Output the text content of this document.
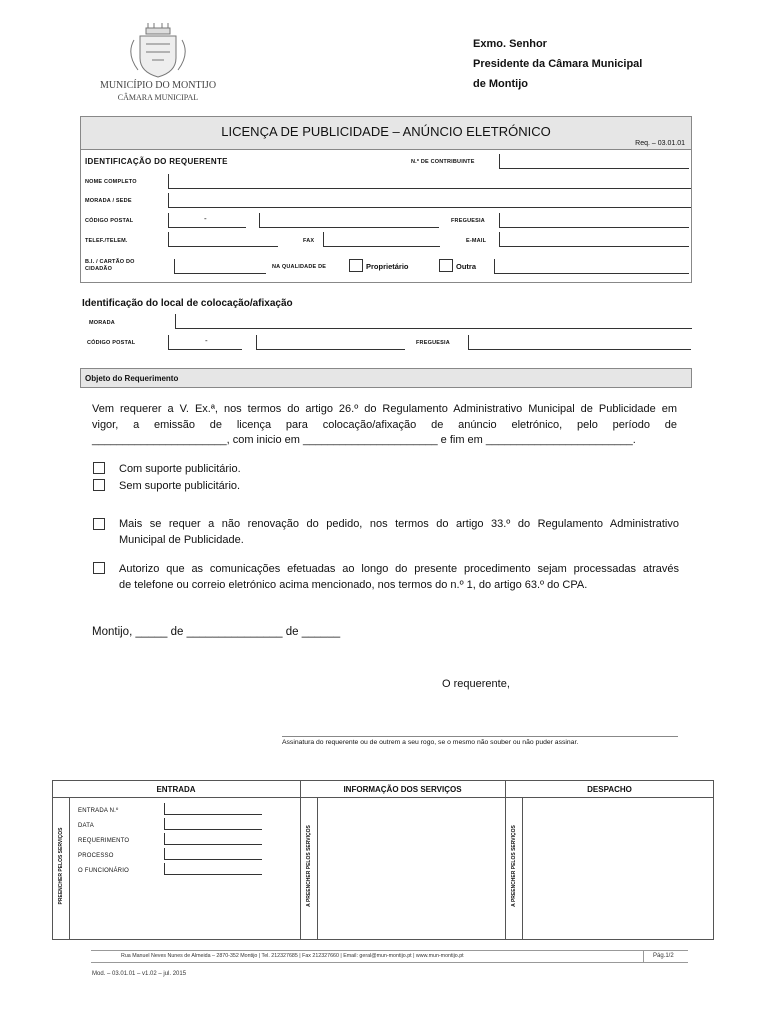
MUNICÍPIO DO MONTIJO
CÂMARA MUNICIPAL
Exmo. Senhor
Presidente da Câmara Municipal
de Montijo
LICENÇA DE PUBLICIDADE – ANÚNCIO ELETRÓNICO
Req. – 03.01.01
IDENTIFICAÇÃO DO REQUERENTE	N.º DE CONTRIBUINTE
NOME COMPLETO
MORADA / SEDE
CÓDIGO POSTAL	-	FREGUESIA
TELEF./TELEM.	FAX	E-MAIL
B.I. / CARTÃO DO
CIDADÃO	NA QUALIDADE DE	Proprietário	Outra
Identificação do local de colocação/afixação
MORADA
CÓDIGO POSTAL	-	FREGUESIA
Objeto do Requerimento
Vem requerer a V. Ex.ª, nos termos do artigo 26.º do Regulamento Administrativo Municipal de Publicidade em
vigor, a emissão de licença para colocação/afixação de anúncio eletrónico, pelo período de
______________________, com inicio em ______________________ e fim em ________________________.
Com suporte publicitário.
Sem suporte publicitário.
Mais se requer a não renovação do pedido, nos termos do artigo 33.º do Regulamento Administrativo
Municipal de Publicidade.
Autorizo que as comunicações efetuadas ao longo do presente procedimento sejam processadas através
de telefone ou correio eletrónico acima mencionado, nos termos do n.º 1, do artigo 63.º do CPA.
Montijo, _____ de _______________ de ______
O requerente,
Assinatura do requerente ou de outrem a seu rogo, se o mesmo não souber ou não puder assinar.
ENTRADA	INFORMAÇÃO DOS SERVIÇOS	DESPACHO
PREENCHER PELOS SERVIÇOS	A PREENCHER PELOS SERVIÇOS	A PREENCHER PELOS SERVIÇOS
ENTRADA N.º
DATA
REQUERIMENTO
PROCESSO
O FUNCIONÁRIO
Rua Manuel Neves Nunes de Almeida – 2870-352 Montijo | Tel. 212327685 | Fax 212327660 | Email: geral@mun-montijo.pt | www.mun-montijo.pt	Pág.1/2
Mod. – 03.01.01 – v1.02 – jul. 2015
